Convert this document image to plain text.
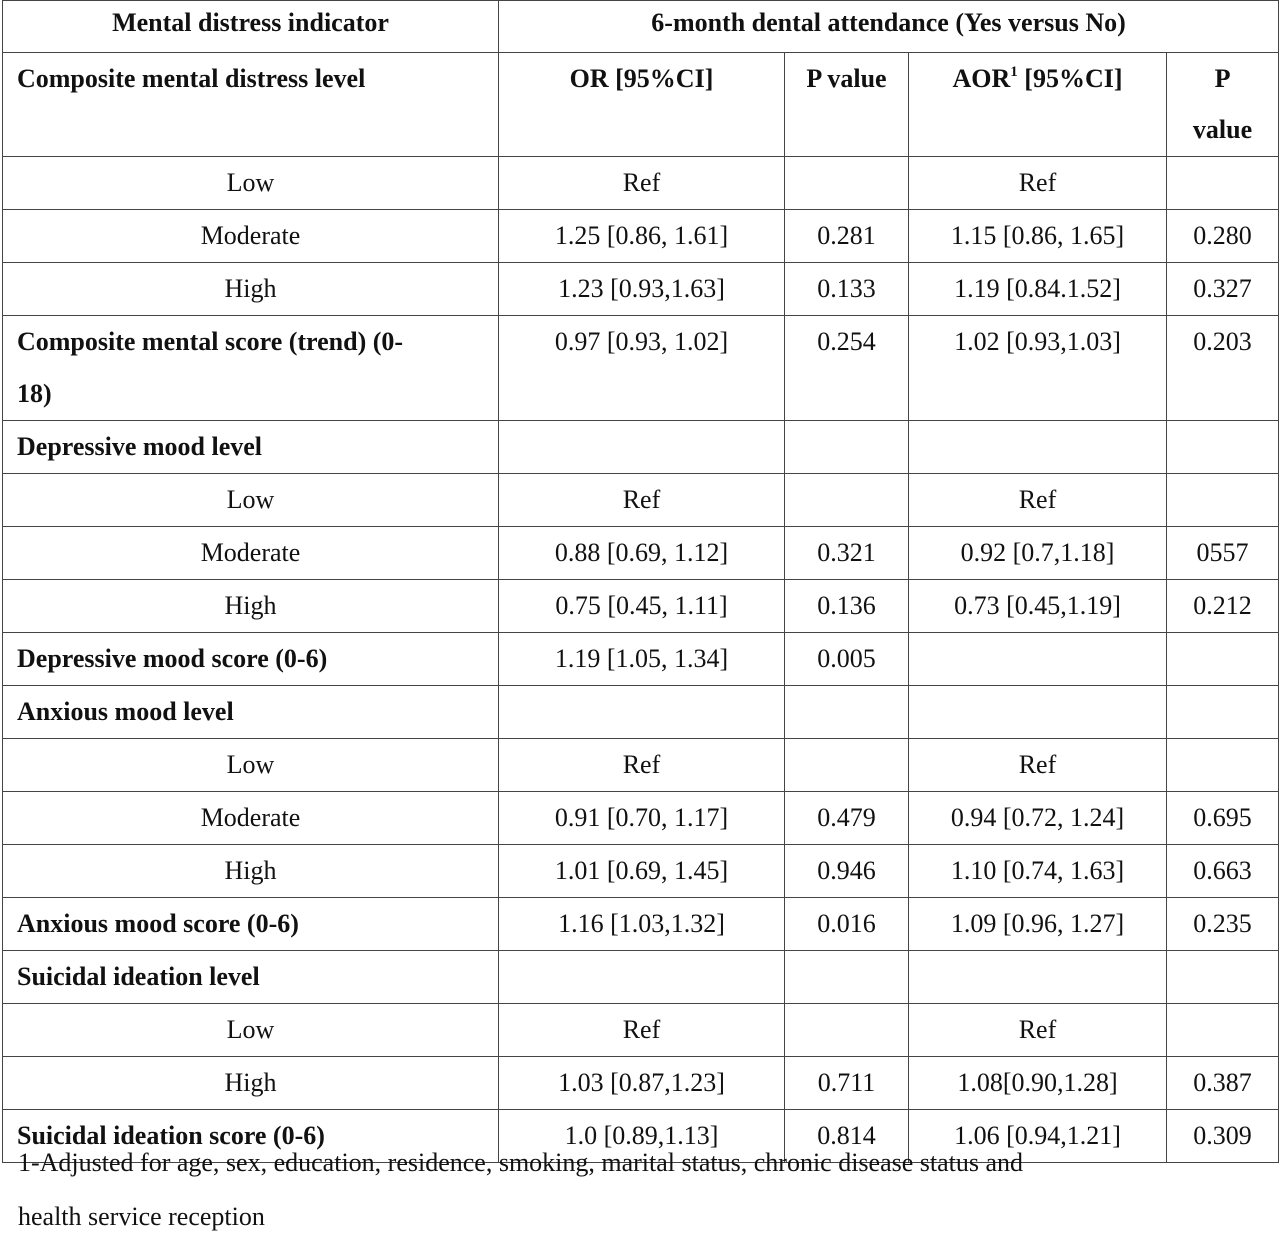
Mental distress indicator	6-month dental attendance (Yes versus No)			
Composite mental distress level	OR [95%CI]	P value	AOR$^1$ [95%CI]	P
value
Low	Ref		Ref	
Moderate	1.25 [0.86, 1.61]	0.281	1.15 [0.86, 1.65]	0.280
High	1.23 [0.93,1.63]	0.133	1.19 [0.84.1.52]	0.327
Composite mental score (trend) (0-
18)	0.97 [0.93, 1.02]	0.254	1.02 [0.93,1.03]	0.203
Depressive mood level				
Low	Ref		Ref	
Moderate	0.88 [0.69, 1.12]	0.321	0.92 [0.7,1.18]	0557
High	0.75 [0.45, 1.11]	0.136	0.73 [0.45,1.19]	0.212
Depressive mood score (0-6)	1.19 [1.05, 1.34]	0.005		
Anxious mood level				
Low	Ref		Ref	
Moderate	0.91 [0.70, 1.17]	0.479	0.94 [0.72, 1.24]	0.695
High	1.01 [0.69, 1.45]	0.946	1.10 [0.74, 1.63]	0.663
Anxious mood score (0-6)	1.16 [1.03,1.32]	0.016	1.09 [0.96, 1.27]	0.235
Suicidal ideation level				
Low	Ref		Ref	
High	1.03 [0.87,1.23]	0.711	1.08[0.90,1.28]	0.387
Suicidal ideation score (0-6)	1.0 [0.89,1.13]	0.814	1.06 [0.94,1.21]	0.309
1-Adjusted for age, sex, education, residence, smoking, marital status, chronic disease status and
health service reception
